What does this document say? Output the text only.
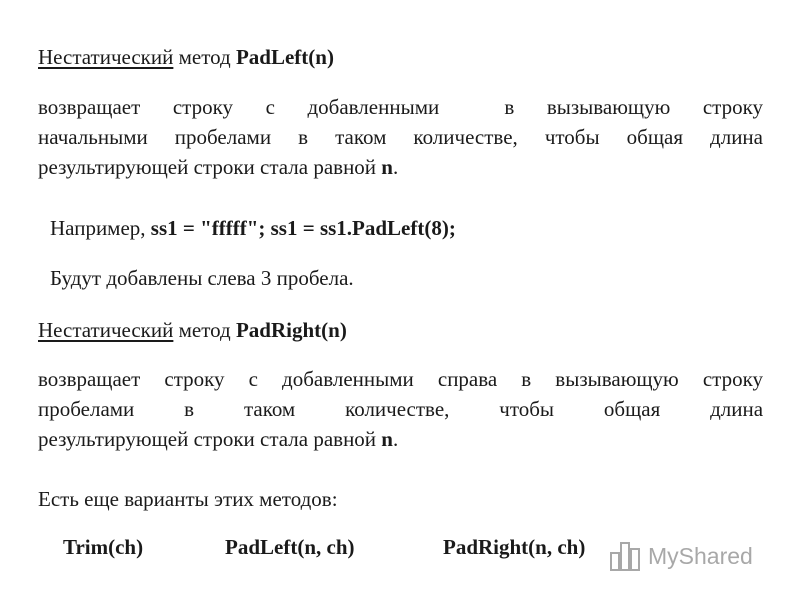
Нестатический метод PadLeft(n)
возвращает строку с добавленными  в вызывающую строку
начальными пробелами в таком количестве, чтобы общая длина
результирующей строки стала равной n.
Например, ss1 = "fffff"; ss1 = ss1.PadLeft(8);
Будут добавлены слева 3 пробела.
Нестатический метод PadRight(n)
возвращает строку с добавленными справа в вызывающую строку
пробелами в таком количестве, чтобы общая длина
результирующей строки стала равной n.
Есть еще варианты этих методов:
Trim(ch)	PadLeft(n, ch)	PadRight(n, ch)	MyShared
